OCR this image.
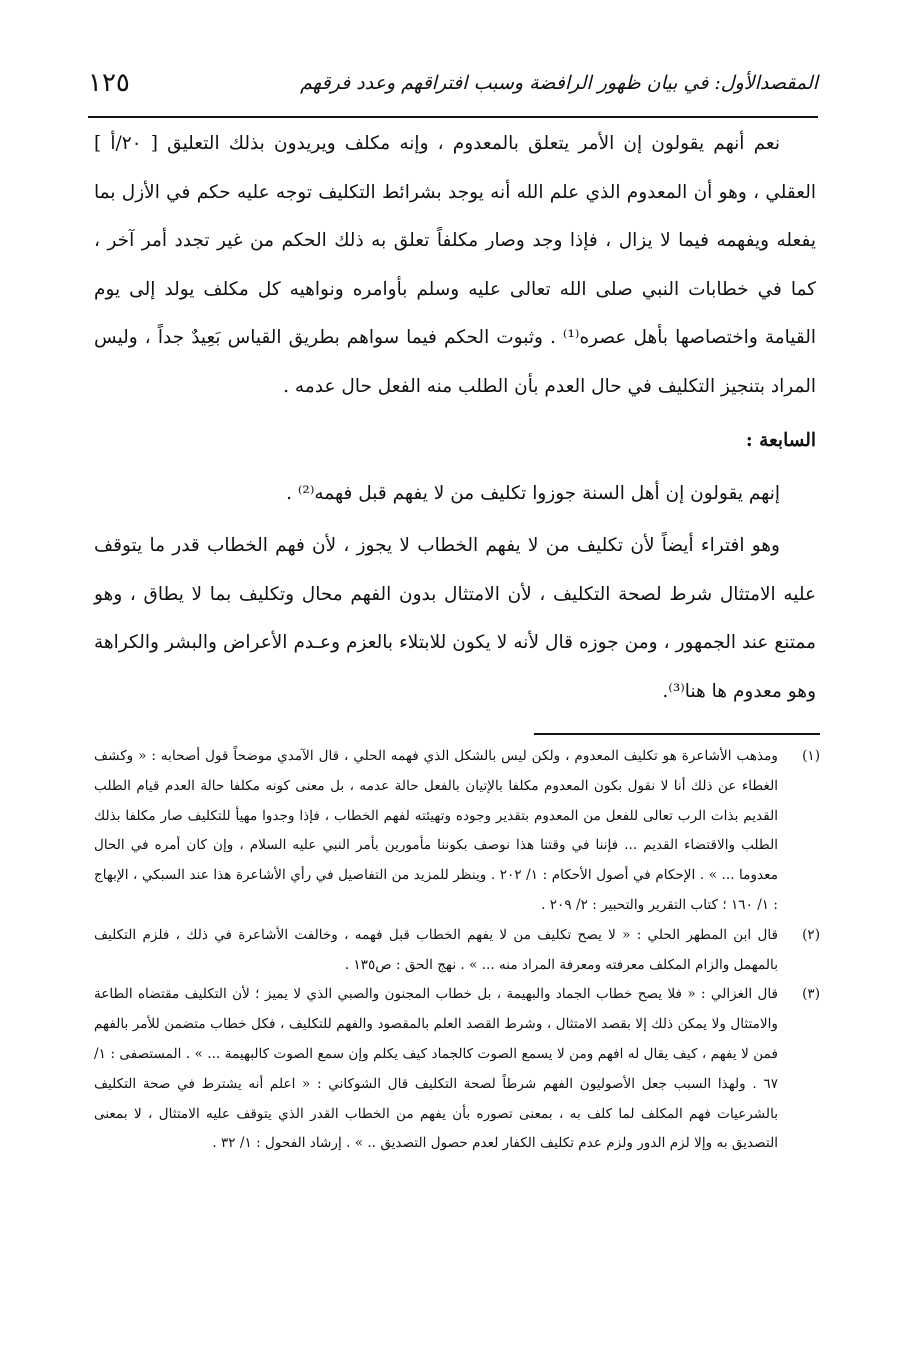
المقصدالأول: في بيان ظهور الرافضة وسبب افتراقهم وعدد فرقهم
١٢٥

نعم أنهم يقولون إن الأمر يتعلق بالمعدوم ، وإنه مكلف ويريدون بذلك التعليق [ ٢٠/أ ] العقلي ، وهو أن المعدوم الذي علم الله أنه يوجد بشرائط التكليف توجه عليه حكم في الأزل بما يفعله ويفهمه فيما لا يزال ، فإذا وجد وصار مكلفاً تعلق به ذلك الحكم من غير تجدد أمر آخر ، كما في خطابات النبي صلى الله تعالى عليه وسلم بأوامره ونواهيه كل مكلف يولد إلى يوم القيامة واختصاصها بأهل عصره⁽¹⁾ . وثبوت الحكم فيما سواهم بطريق القياس بَعِيدٌ جداً ، وليس المراد بتنجيز التكليف في حال العدم بأن الطلب منه الفعل حال عدمه .

السابعة :

إنهم يقولون إن أهل السنة جوزوا تكليف من لا يفهم قبل فهمه⁽²⁾ .

وهو افتراء أيضاً لأن تكليف من لا يفهم الخطاب لا يجوز ، لأن فهم الخطاب قدر ما يتوقف عليه الامتثال شرط لصحة التكليف ، لأن الامتثال بدون الفهم محال وتكليف بما لا يطاق ، وهو ممتنع عند الجمهور ، ومن جوزه قال لأنه لا يكون للابتلاء بالعزم وعـدم الأعراض والبشر والكراهة وهو معدوم ها هنا⁽³⁾.

(١)
ومذهب الأشاعرة هو تكليف المعدوم ، ولكن ليس بالشكل الذي فهمه الحلي ، قال الآمدي موضحاً قول أصحابه : « وكشف الغطاء عن ذلك أنا لا نقول بكون المعدوم مكلفا بالإتيان بالفعل حالة عدمه ، بل معنى كونه مكلفا حالة العدم قيام الطلب القديم بذات الرب تعالى للفعل من المعدوم بتقدير وجوده وتهيئته لفهم الخطاب ، فإذا وجدوا مهيأ للتكليف صار مكلفا بذلك الطلب والاقتضاء القديم ... فإننا في وقتنا هذا نوصف بكوننا مأمورين بأمر النبي عليه السلام ، وإن كان أمره في الحال معدوما ... » . الإحكام في أصول الأحكام : ١/ ٢٠٢ . وينظر للمزيد من التفاصيل في رأي الأشاعرة هذا عند السبكي ، الإبهاج : ١/ ١٦٠ ؛ كتاب التقرير والتحبير : ٢/ ٢٠٩ .

(٢)
قال ابن المطهر الحلي : « لا يصح تكليف من لا يفهم الخطاب قبل فهمه ، وخالفت الأشاعرة في ذلك ، فلزم التكليف بالمهمل والزام المكلف معرفته ومعرفة المراد منه ... » . نهج الحق : ص١٣٥ .

(٣)
قال الغزالي : « فلا يصح خطاب الجماد والبهيمة ، بل خطاب المجنون والصبي الذي لا يميز ؛ لأن التكليف مقتضاه الطاعة والامتثال ولا يمكن ذلك إلا بقصد الامتثال ، وشرط القصد العلم بالمقصود والفهم للتكليف ، فكل خطاب متضمن للأمر بالفهم فمن لا يفهم ، كيف يقال له افهم ومن لا يسمع الصوت كالجماد كيف يكلم وإن سمع الصوت كالبهيمة ... » . المستصفى : ١/ ٦٧ . ولهذا السبب جعل الأصوليون الفهم شرطاً لصحة التكليف قال الشوكاني : « اعلم أنه يشترط في صحة التكليف بالشرعيات فهم المكلف لما كلف به ، بمعنى تصوره بأن يفهم من الخطاب القدر الذي يتوقف عليه الامتثال ، لا بمعنى التصديق به وإلا لزم الدور ولزم عدم تكليف الكفار لعدم حصول التصديق .. » . إرشاد الفحول : ١/ ٣٢ .
